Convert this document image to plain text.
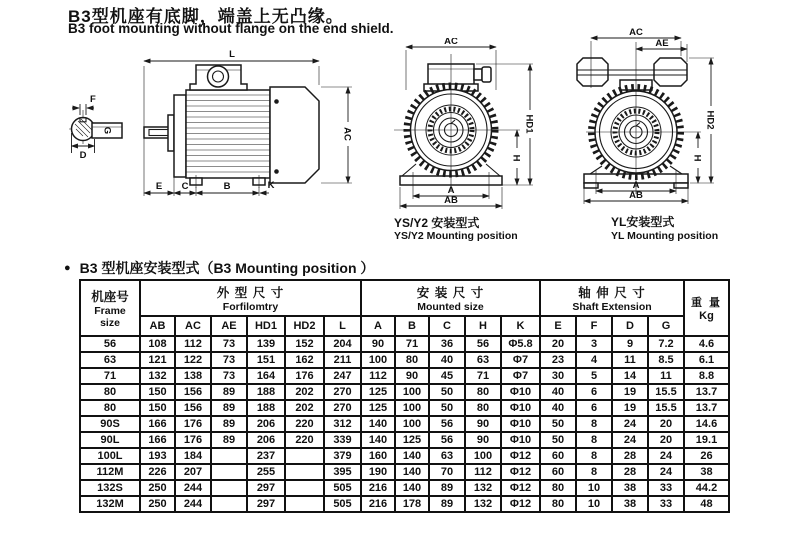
B3型机座有底脚，端盖上无凸缘。
B3 foot mounting without flange on the end shield.
F
G
D
L
AC
E C	B	K
AC
HD1
H
A
AB
YS/Y2 安装型式
YS/Y2 Mounting position
AC
AE
HD2
H
A
AB
YL安装型式
YL Mounting position
● B3 型机座安装型式（B3 Mounting position ）
机座号
Frame
size

外 型 尺 寸
Forfilomtry

安 装 尺 寸
Mounted size

轴 伸 尺 寸
Shaft Extension	重 量
Kg

	AB	AC	AE	HD1	HD2	L	A	B	C	H	K	E	F	D	G	
56	108	112	73	139	152	204	90	71	36	56	Φ5.8	20	3	9	7.2	4.6
63	121	122	73	151	162	211	100	80	40	63	Φ7	23	4	11	8.5	6.1
71	132	138	73	164	176	247	112	90	45	71	Φ7	30	5	14	11	8.8
80	150	156	89	188	202	270	125	100	50	80	Φ10	40	6	19	15.5	13.7
80	150	156	89	188	202	270	125	100	50	80	Φ10	40	6	19	15.5	13.7
90S	166	176	89	206	220	312	140	100	56	90	Φ10	50	8	24	20	14.6
90L	166	176	89	206	220	339	140	125	56	90	Φ10	50	8	24	20	19.1
100L	193	184		237		379	160	140	63	100	Φ12	60	8	28	24	26
112M	226	207		255		395	190	140	70	112	Φ12	60	8	28	24	38
132S	250	244		297		505	216	140	89	132	Φ12	80	10	38	33	44.2
132M	250	244		297		505	216	178	89	132	Φ12	80	10	38	33	48
